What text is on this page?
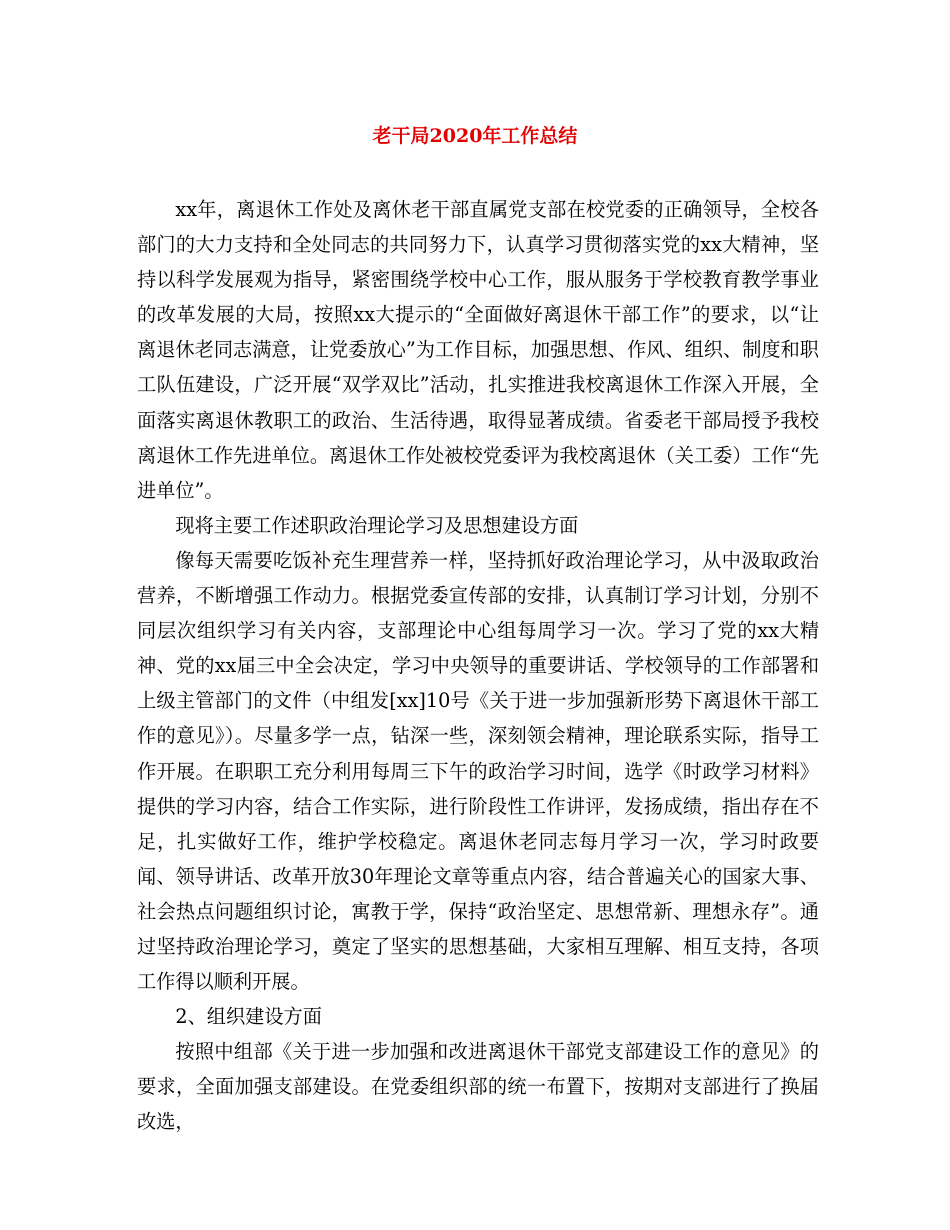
老干局2020年工作总结

xx年，离退休工作处及离休老干部直属党支部在校党委的正确领导，全校各部门的大力支持和全处同志的共同努力下，认真学习贯彻落实党的xx大精神，坚持以科学发展观为指导，紧密围绕学校中心工作，服从服务于学校教育教学事业的改革发展的大局，按照xx大提示的“全面做好离退休干部工作”的要求，以“让离退休老同志满意，让党委放心”为工作目标，加强思想、作风、组织、制度和职工队伍建设，广泛开展“双学双比”活动，扎实推进我校离退休工作深入开展，全面落实离退休教职工的政治、生活待遇，取得显著成绩。省委老干部局授予我校离退休工作先进单位。离退休工作处被校党委评为我校离退休（关工委）工作“先进单位”。

现将主要工作述职政治理论学习及思想建设方面

像每天需要吃饭补充生理营养一样，坚持抓好政治理论学习，从中汲取政治营养，不断增强工作动力。根据党委宣传部的安排，认真制订学习计划，分别不同层次组织学习有关内容，支部理论中心组每周学习一次。学习了党的xx大精神、党的xx届三中全会决定，学习中央领导的重要讲话、学校领导的工作部署和上级主管部门的文件（中组发[xx]10号《关于进一步加强新形势下离退休干部工作的意见》）。尽量多学一点，钻深一些，深刻领会精神，理论联系实际，指导工作开展。在职职工充分利用每周三下午的政治学习时间，选学《时政学习材料》提供的学习内容，结合工作实际，进行阶段性工作讲评，发扬成绩，指出存在不足，扎实做好工作，维护学校稳定。离退休老同志每月学习一次，学习时政要闻、领导讲话、改革开放30年理论文章等重点内容，结合普遍关心的国家大事、社会热点问题组织讨论，寓教于学，保持“政治坚定、思想常新、理想永存”。通过坚持政治理论学习，奠定了坚实的思想基础，大家相互理解、相互支持，各项工作得以顺利开展。

2、组织建设方面

按照中组部《关于进一步加强和改进离退休干部党支部建设工作的意见》的要求，全面加强支部建设。在党委组织部的统一布置下，按期对支部进行了换届改选，
